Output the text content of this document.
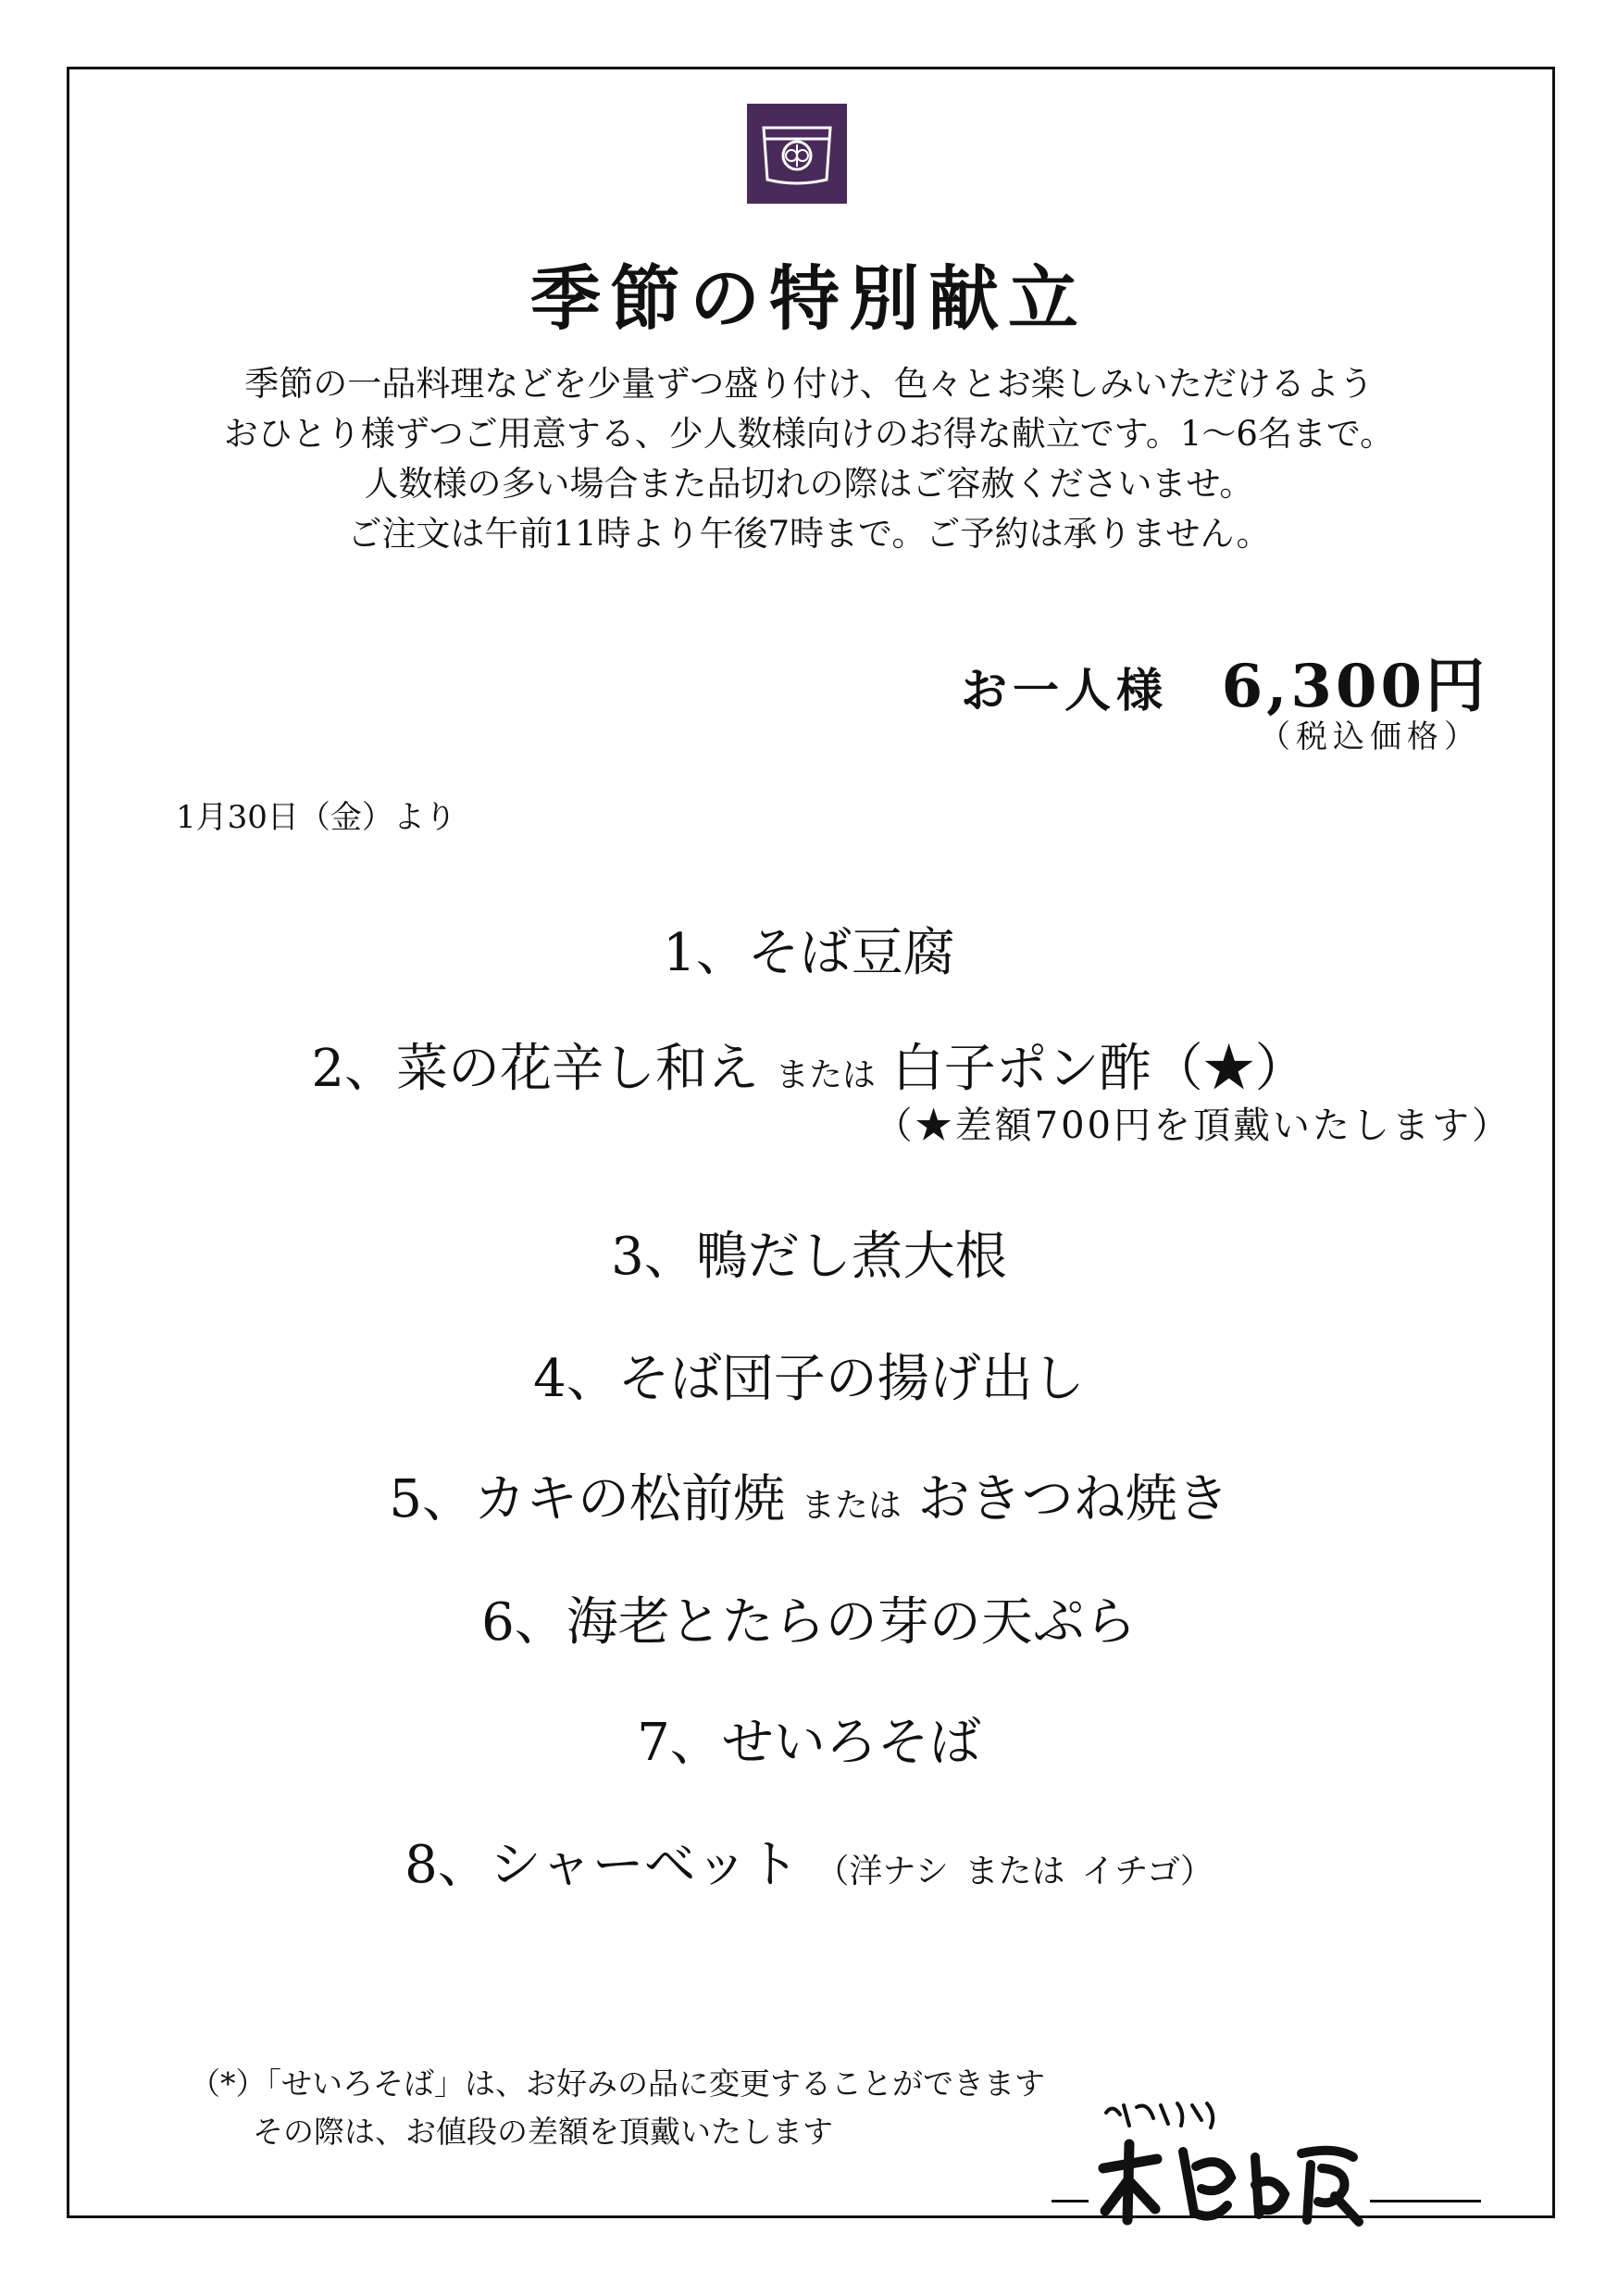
季節の特別献立
季節の一品料理などを少量ずつ盛り付け、色々とお楽しみいただけるよう
おひとり様ずつご用意する、少人数様向けのお得な献立です。1～6名まで。
人数様の多い場合また品切れの際はご容赦くださいませ。
ご注文は午前11時より午後7時まで。ご予約は承りません。
お一人様 6,300円
（税込価格）
1月30日（金）より
1、そば豆腐
2、菜の花辛し和え または 白子ポン酢（★）
（★差額700円を頂戴いたします）
3、鴨だし煮大根
4、そば団子の揚げ出し
5、カキの松前焼 または おきつね焼き
6、海老とたらの芽の天ぷら
7、せいろそば
8、シャーベット （洋ナシ または イチゴ）
（*）「せいろそば」は、お好みの品に変更することができます
その際は、お値段の差額を頂戴いたします
